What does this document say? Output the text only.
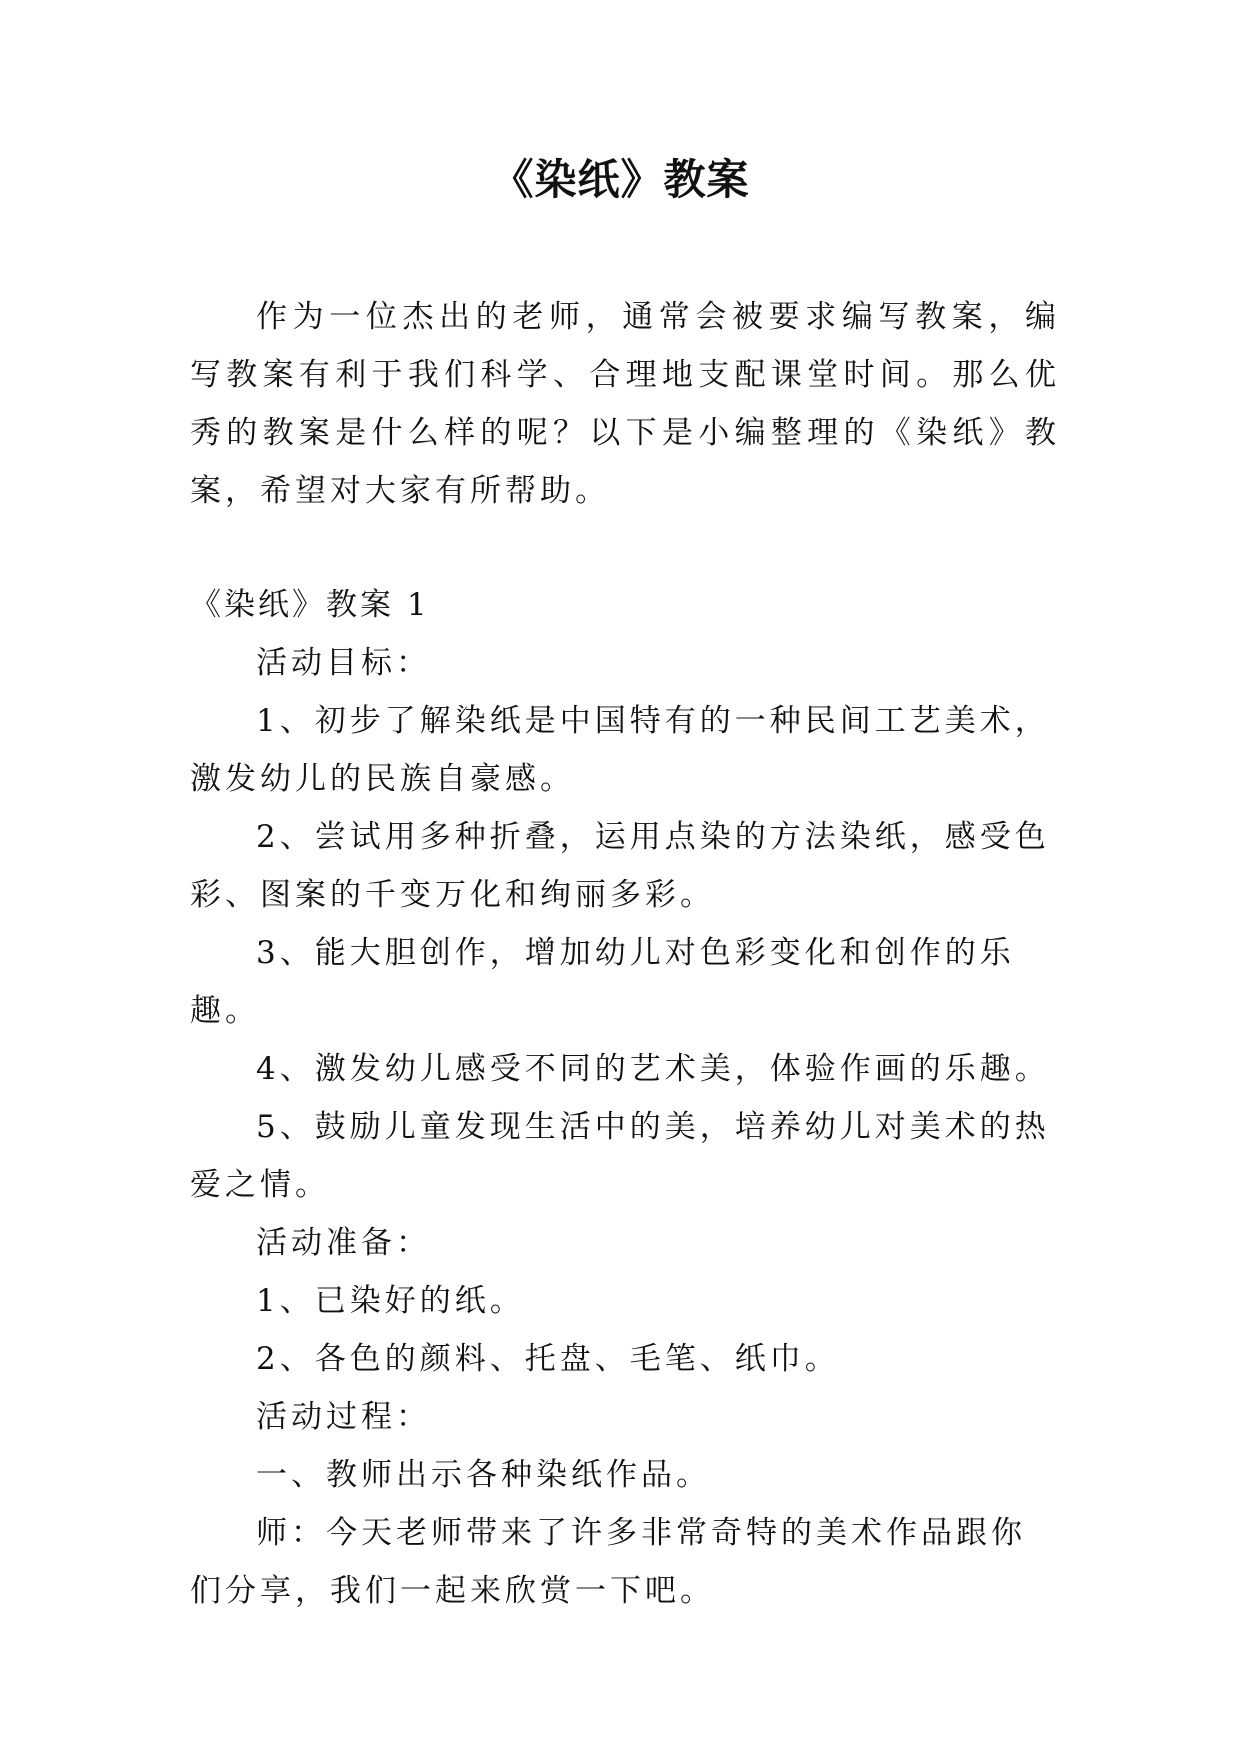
《染纸》教案

作为一位杰出的老师，通常会被要求编写教案，编写教案有利于我们科学、合理地支配课堂时间。那么优秀的教案是什么样的呢？以下是小编整理的《染纸》教案，希望对大家有所帮助。

《染纸》教案 1

活动目标：

1、初步了解染纸是中国特有的一种民间工艺美术，激发幼儿的民族自豪感。

2、尝试用多种折叠，运用点染的方法染纸，感受色彩、图案的千变万化和绚丽多彩。

3、能大胆创作，增加幼儿对色彩变化和创作的乐趣。

4、激发幼儿感受不同的艺术美，体验作画的乐趣。

5、鼓励儿童发现生活中的美，培养幼儿对美术的热爱之情。

活动准备：

1、已染好的纸。

2、各色的颜料、托盘、毛笔、纸巾。

活动过程：

一、教师出示各种染纸作品。

师：今天老师带来了许多非常奇特的美术作品跟你们分享，我们一起来欣赏一下吧。
